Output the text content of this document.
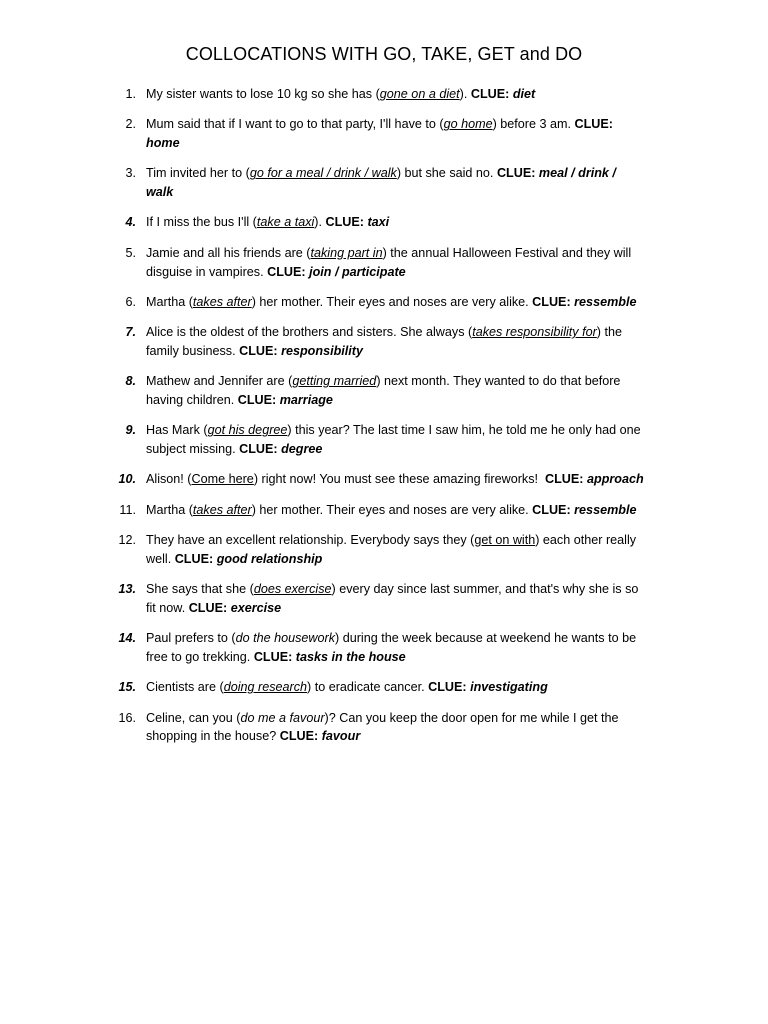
COLLOCATIONS WITH GO, TAKE, GET and DO
1. My sister wants to lose 10 kg so she has (gone on a diet). CLUE: diet
2. Mum said that if I want to go to that party, I'll have to (go home) before 3 am. CLUE: home
3. Tim invited her to (go for a meal / drink / walk) but she said no. CLUE: meal / drink / walk
4. If I miss the bus I'll (take a taxi). CLUE: taxi
5. Jamie and all his friends are (taking part in) the annual Halloween Festival and they will disguise in vampires. CLUE: join / participate
6. Martha (takes after) her mother. Their eyes and noses are very alike. CLUE: ressemble
7. Alice is the oldest of the brothers and sisters. She always (takes responsibility for) the family business. CLUE: responsibility
8. Mathew and Jennifer are (getting married) next month. They wanted to do that before having children. CLUE: marriage
9. Has Mark (got his degree) this year? The last time I saw him, he told me he only had one subject missing. CLUE: degree
10. Alison! (Come here) right now! You must see these amazing fireworks! CLUE: approach
11. Martha (takes after) her mother. Their eyes and noses are very alike. CLUE: ressemble
12. They have an excellent relationship. Everybody says they (get on with) each other really well. CLUE: good relationship
13. She says that she (does exercise) every day since last summer, and that's why she is so fit now. CLUE: exercise
14. Paul prefers to (do the housework) during the week because at weekend he wants to be free to go trekking. CLUE: tasks in the house
15. Cientists are (doing research) to eradicate cancer. CLUE: investigating
16. Celine, can you (do me a favour)? Can you keep the door open for me while I get the shopping in the house? CLUE: favour
